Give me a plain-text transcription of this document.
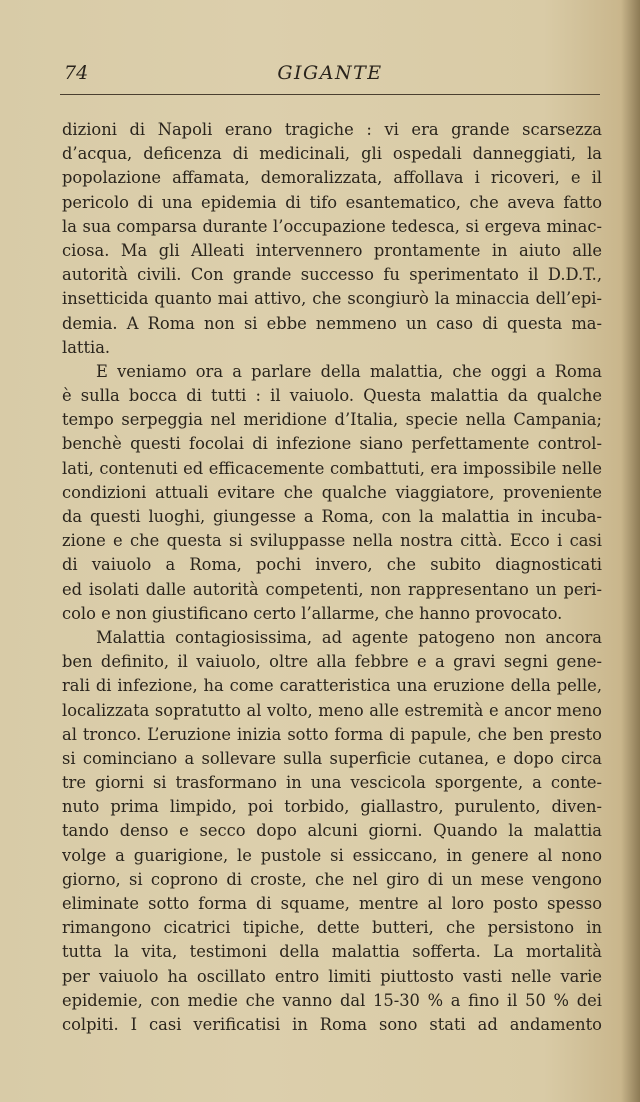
74	GIGANTE
dizioni di Napoli erano tragiche : vi era grande scarsezza
d’acqua, deficenza di medicinali, gli ospedali danneggiati, la
popolazione affamata, demoralizzata, affollava i ricoveri, e il
pericolo di una epidemia di tifo esantematico, che aveva fatto
la sua comparsa durante l’occupazione tedesca, si ergeva minac-
ciosa. Ma gli Alleati intervennero prontamente in aiuto alle
autorità civili. Con grande successo fu sperimentato il D.D.T.,
insetticida quanto mai attivo, che scongiurò la minaccia dell’epi-
demia. A Roma non si ebbe nemmeno un caso di questa ma-
lattia.
E veniamo ora a parlare della malattia, che oggi a Roma
è sulla bocca di tutti : il vaiuolo. Questa malattia da qualche
tempo serpeggia nel meridione d’Italia, specie nella Campania;
benchè questi focolai di infezione siano perfettamente control-
lati, contenuti ed efficacemente combattuti, era impossibile nelle
condizioni attuali evitare che qualche viaggiatore, proveniente
da questi luoghi, giungesse a Roma, con la malattia in incuba-
zione e che questa si sviluppasse nella nostra città. Ecco i casi
di vaiuolo a Roma, pochi invero, che subito diagnosticati
ed isolati dalle autorità competenti, non rappresentano un peri-
colo e non giustificano certo l’allarme, che hanno provocato.
Malattia contagiosissima, ad agente patogeno non ancora
ben definito, il vaiuolo, oltre alla febbre e a gravi segni gene-
rali di infezione, ha come caratteristica una eruzione della pelle,
localizzata sopratutto al volto, meno alle estremità e ancor meno
al tronco. L’eruzione inizia sotto forma di papule, che ben presto
si cominciano a sollevare sulla superficie cutanea, e dopo circa
tre giorni si trasformano in una vescicola sporgente, a conte-
nuto prima limpido, poi torbido, giallastro, purulento, diven-
tando denso e secco dopo alcuni giorni. Quando la malattia
volge a guarigione, le pustole si essiccano, in genere al nono
giorno, si coprono di croste, che nel giro di un mese vengono
eliminate sotto forma di squame, mentre al loro posto spesso
rimangono cicatrici tipiche, dette butteri, che persistono in
tutta la vita, testimoni della malattia sofferta. La mortalità
per vaiuolo ha oscillato entro limiti piuttosto vasti nelle varie
epidemie, con medie che vanno dal 15-30 % a fino il 50 % dei
colpiti. I casi verificatisi in Roma sono stati ad andamento
